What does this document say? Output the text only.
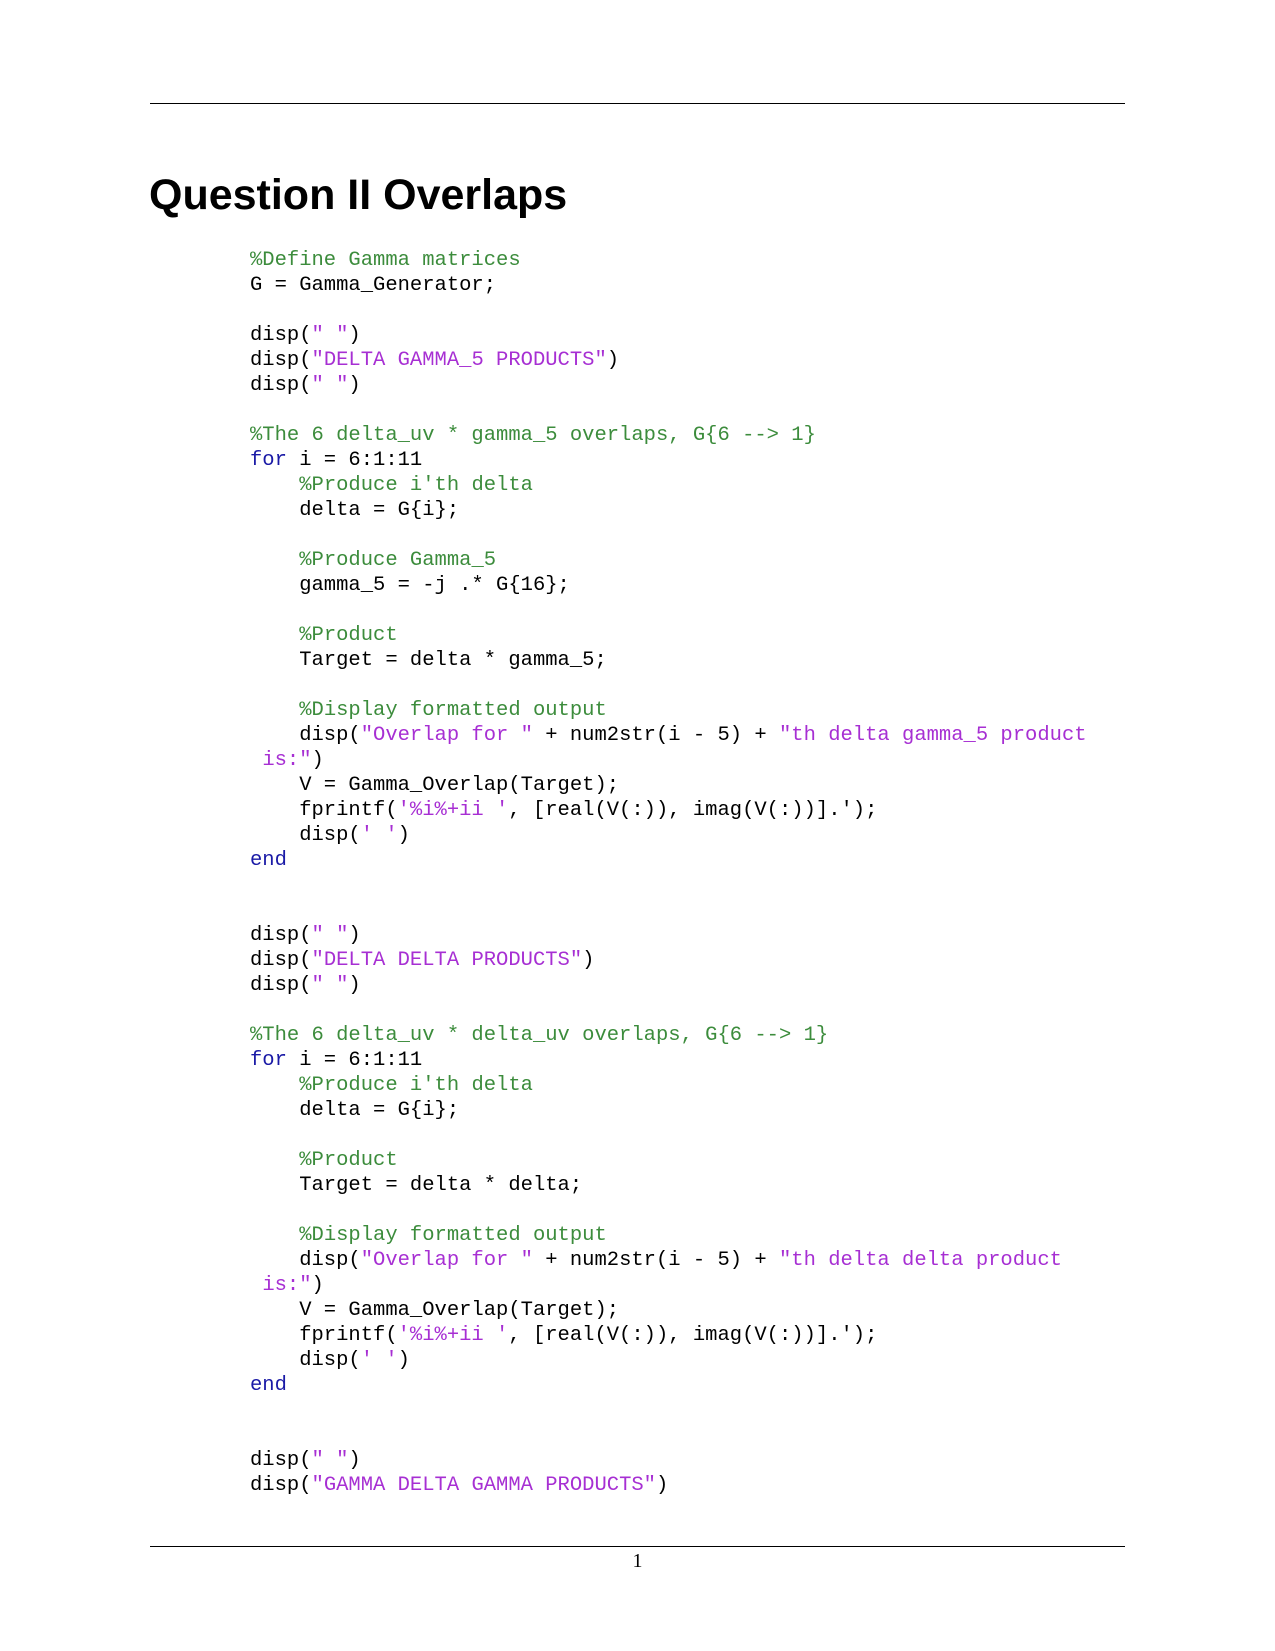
Question II Overlaps
%Define Gamma matrices
G = Gamma_Generator;
disp(" ")
disp("DELTA GAMMA_5 PRODUCTS")
disp(" ")
%The 6 delta_uv * gamma_5 overlaps, G{6 --> 1}
for i = 6:1:11
%Produce i'th delta
delta = G{i};
%Produce Gamma_5
gamma_5 = -j .* G{16};
%Product
Target = delta * gamma_5;
%Display formatted output
disp("Overlap for " + num2str(i - 5) + "th delta gamma_5 product
is:")
V = Gamma_Overlap(Target);
fprintf('%i%+ii ', [real(V(:)), imag(V(:))].');
disp(' ')
end
disp(" ")
disp("DELTA DELTA PRODUCTS")
disp(" ")
%The 6 delta_uv * delta_uv overlaps, G{6 --> 1}
for i = 6:1:11
%Produce i'th delta
delta = G{i};
%Product
Target = delta * delta;
%Display formatted output
disp("Overlap for " + num2str(i - 5) + "th delta delta product
is:")
V = Gamma_Overlap(Target);
fprintf('%i%+ii ', [real(V(:)), imag(V(:))].');
disp(' ')
end
disp(" ")
disp("GAMMA DELTA GAMMA PRODUCTS")
1
